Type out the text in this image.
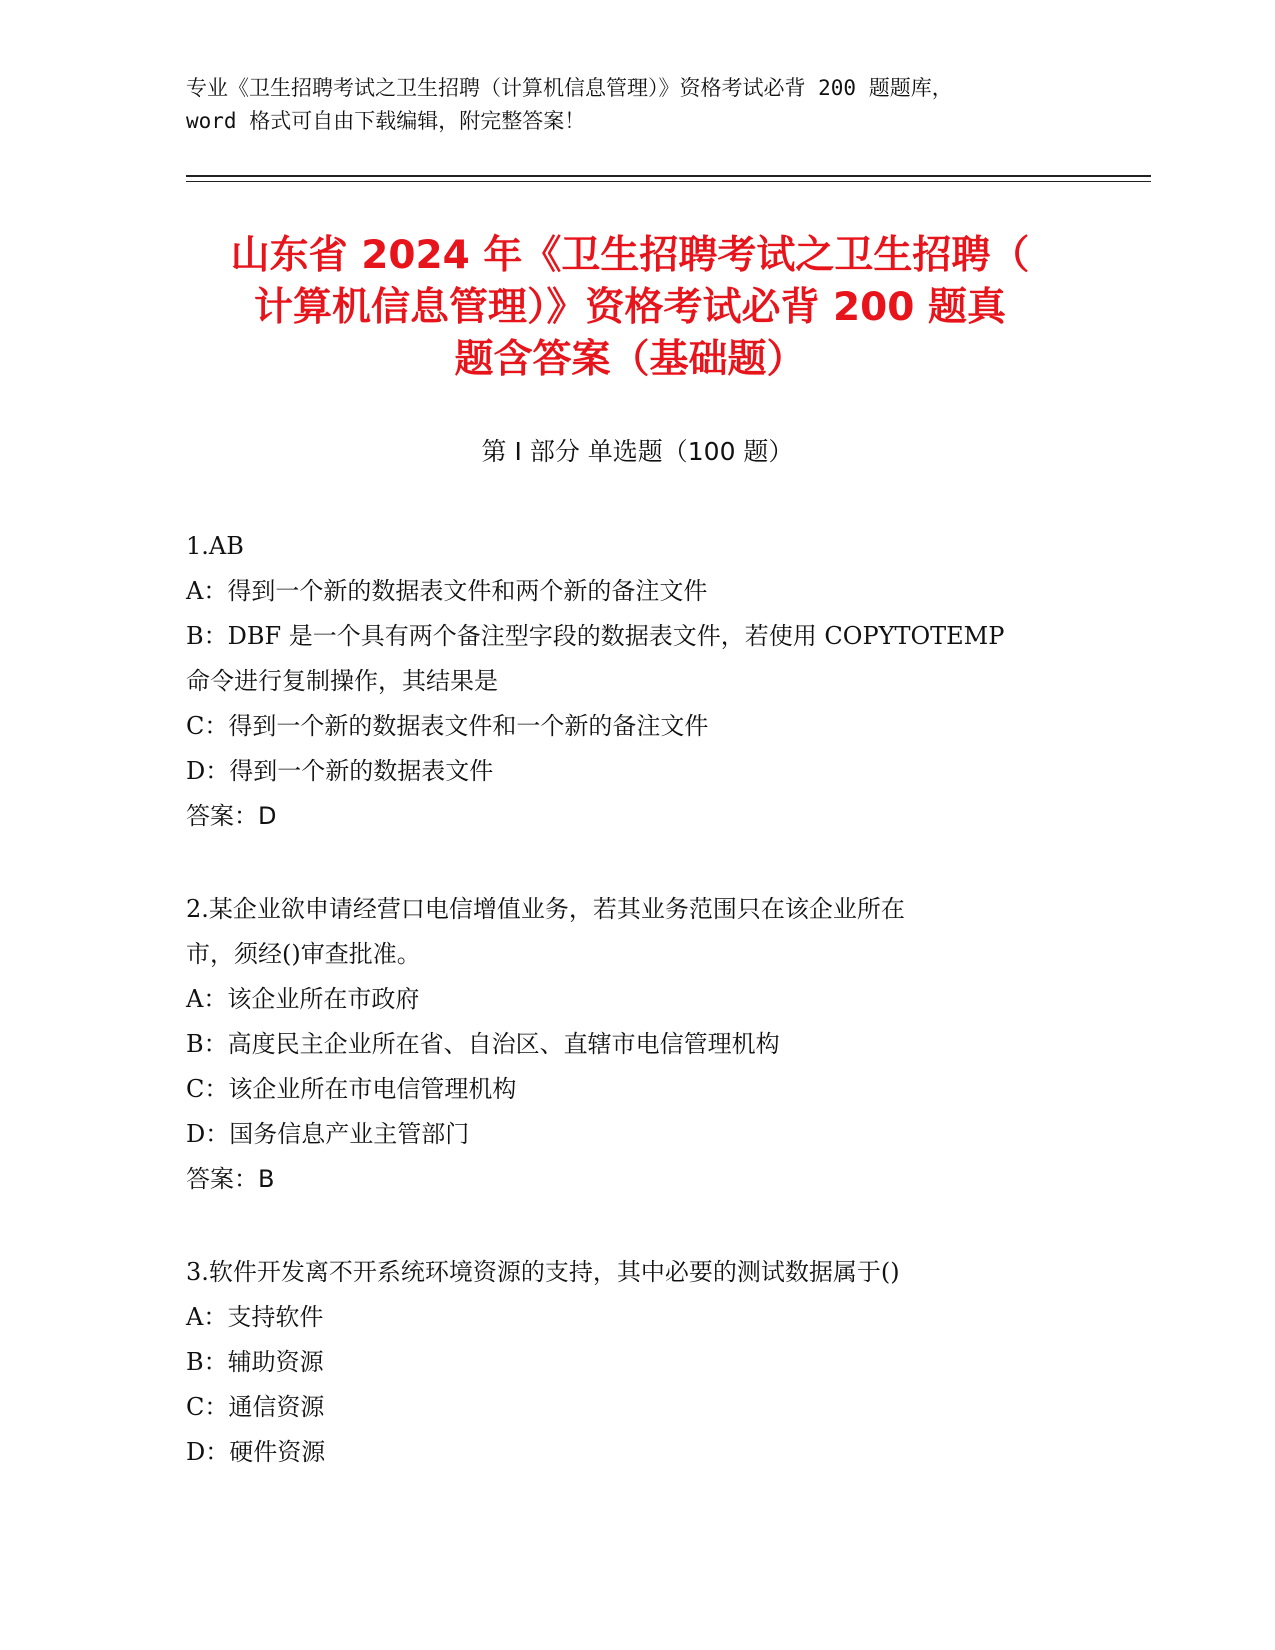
专业《卫生招聘考试之卫生招聘（计算机信息管理）》资格考试必背 200 题题库，
word 格式可自由下载编辑，附完整答案！
山东省 2024 年《卫生招聘考试之卫生招聘（
计算机信息管理）》资格考试必背 200 题真
题含答案（基础题）
第 I 部分 单选题（100 题）
1.AB
A：得到一个新的数据表文件和两个新的备注文件
B：DBF 是一个具有两个备注型字段的数据表文件，若使用 COPYTOTEMP
命令进行复制操作，其结果是
C：得到一个新的数据表文件和一个新的备注文件
D：得到一个新的数据表文件
答案：D
2.某企业欲申请经营口电信增值业务，若其业务范围只在该企业所在
市，须经()审查批准。
A：该企业所在市政府
B：高度民主企业所在省、自治区、直辖市电信管理机构
C：该企业所在市电信管理机构
D：国务信息产业主管部门
答案：B
3.软件开发离不开系统环境资源的支持，其中必要的测试数据属于()
A：支持软件
B：辅助资源
C：通信资源
D：硬件资源
